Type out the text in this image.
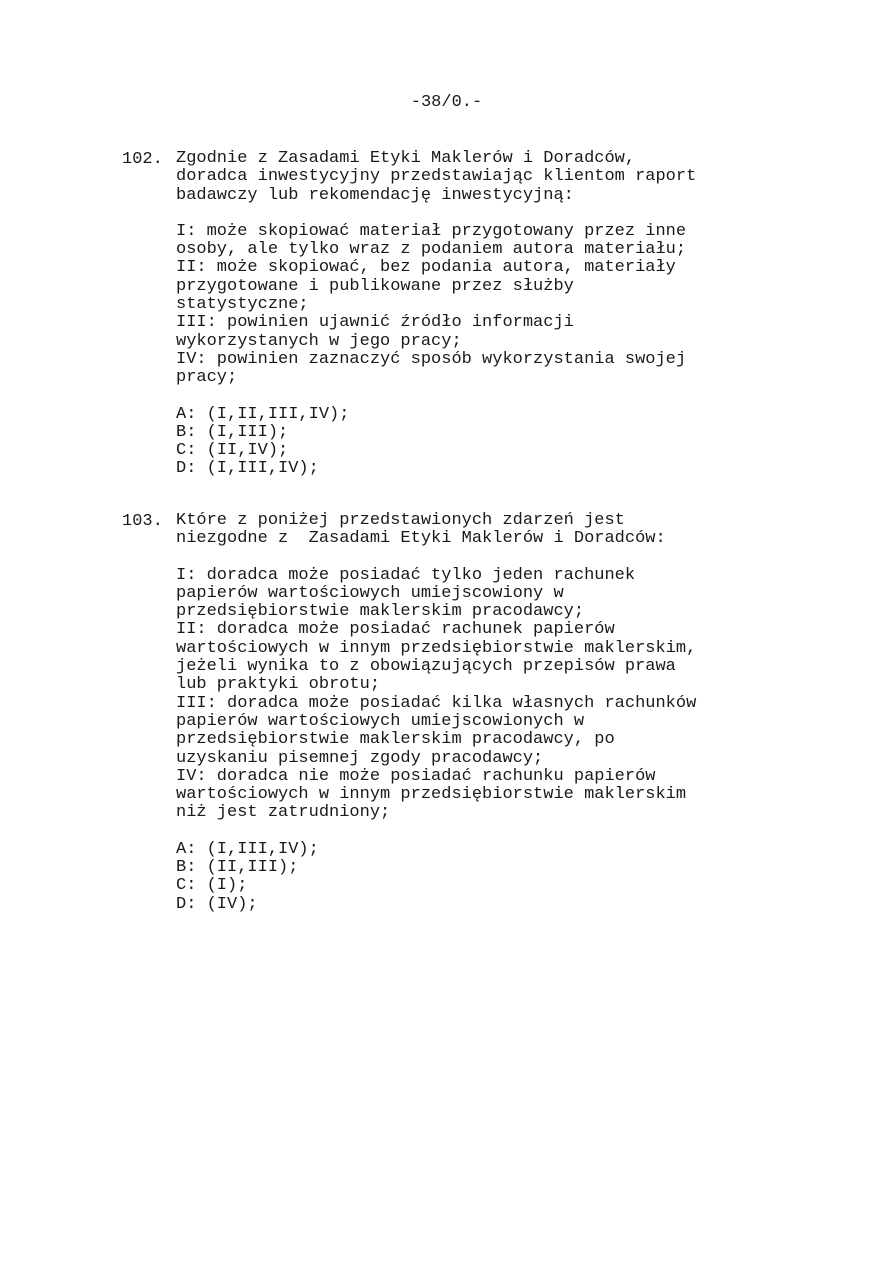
-38/0.-
102. Zgodnie z Zasadami Etyki Maklerów i Doradców,
doradca inwestycyjny przedstawiając klientom raport
badawczy lub rekomendację inwestycyjną:
I: może skopiować materiał przygotowany przez inne
osoby, ale tylko wraz z podaniem autora materiału;
II: może skopiować, bez podania autora, materiały
przygotowane i publikowane przez służby
statystyczne;
III: powinien ujawnić źródło informacji
wykorzystanych w jego pracy;
IV: powinien zaznaczyć sposób wykorzystania swojej
pracy;
A: (I,II,III,IV);
B: (I,III);
C: (II,IV);
D: (I,III,IV);
103. Które z poniżej przedstawionych zdarzeń jest
niezgodne z  Zasadami Etyki Maklerów i Doradców:
I: doradca może posiadać tylko jeden rachunek
papierów wartościowych umiejscowiony w
przedsiębiorstwie maklerskim pracodawcy;
II: doradca może posiadać rachunek papierów
wartościowych w innym przedsiębiorstwie maklerskim,
jeżeli wynika to z obowiązujących przepisów prawa
lub praktyki obrotu;
III: doradca może posiadać kilka własnych rachunków
papierów wartościowych umiejscowionych w
przedsiębiorstwie maklerskim pracodawcy, po
uzyskaniu pisemnej zgody pracodawcy;
IV: doradca nie może posiadać rachunku papierów
wartościowych w innym przedsiębiorstwie maklerskim
niż jest zatrudniony;
A: (I,III,IV);
B: (II,III);
C: (I);
D: (IV);
